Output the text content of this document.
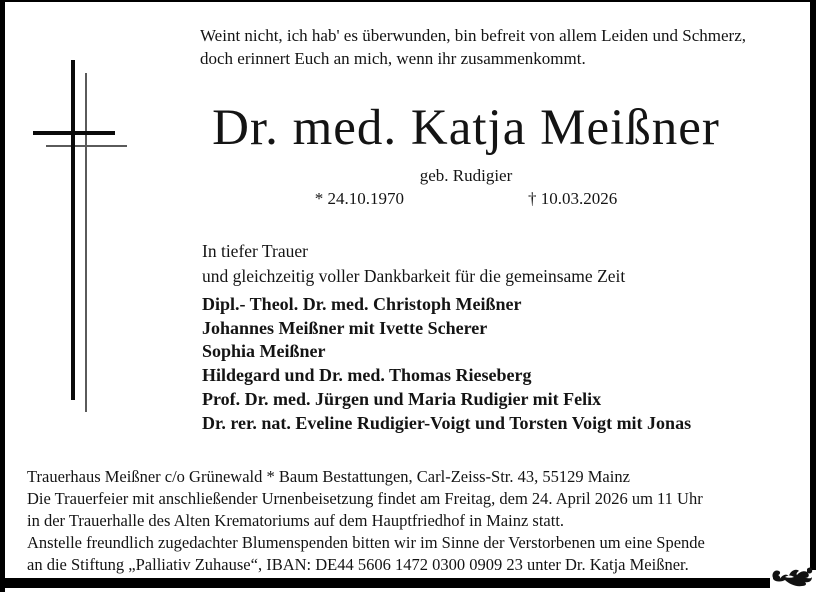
Weint nicht, ich hab' es überwunden, bin befreit von allem Leiden und Schmerz,
doch erinnert Euch an mich, wenn ihr zusammenkommt.
Dr. med. Katja Meißner
geb. Rudigier
* 24.10.1970	† 10.03.2026
In tiefer Trauer
und gleichzeitig voller Dankbarkeit für die gemeinsame Zeit
Dipl.- Theol. Dr. med. Christoph Meißner
Johannes Meißner mit Ivette Scherer
Sophia Meißner
Hildegard und Dr. med. Thomas Rieseberg
Prof. Dr. med. Jürgen und Maria Rudigier mit Felix
Dr. rer. nat. Eveline Rudigier-Voigt und Torsten Voigt mit Jonas
Trauerhaus Meißner c/o Grünewald * Baum Bestattungen, Carl-Zeiss-Str. 43, 55129 Mainz
Die Trauerfeier mit anschließender Urnenbeisetzung findet am Freitag, dem 24. April 2026 um 11 Uhr
in der Trauerhalle des Alten Krematoriums auf dem Hauptfriedhof in Mainz statt.
Anstelle freundlich zugedachter Blumenspenden bitten wir im Sinne der Verstorbenen um eine Spende
an die Stiftung „Palliativ Zuhause“, IBAN: DE44 5606 1472 0300 0909 23 unter Dr. Katja Meißner.
